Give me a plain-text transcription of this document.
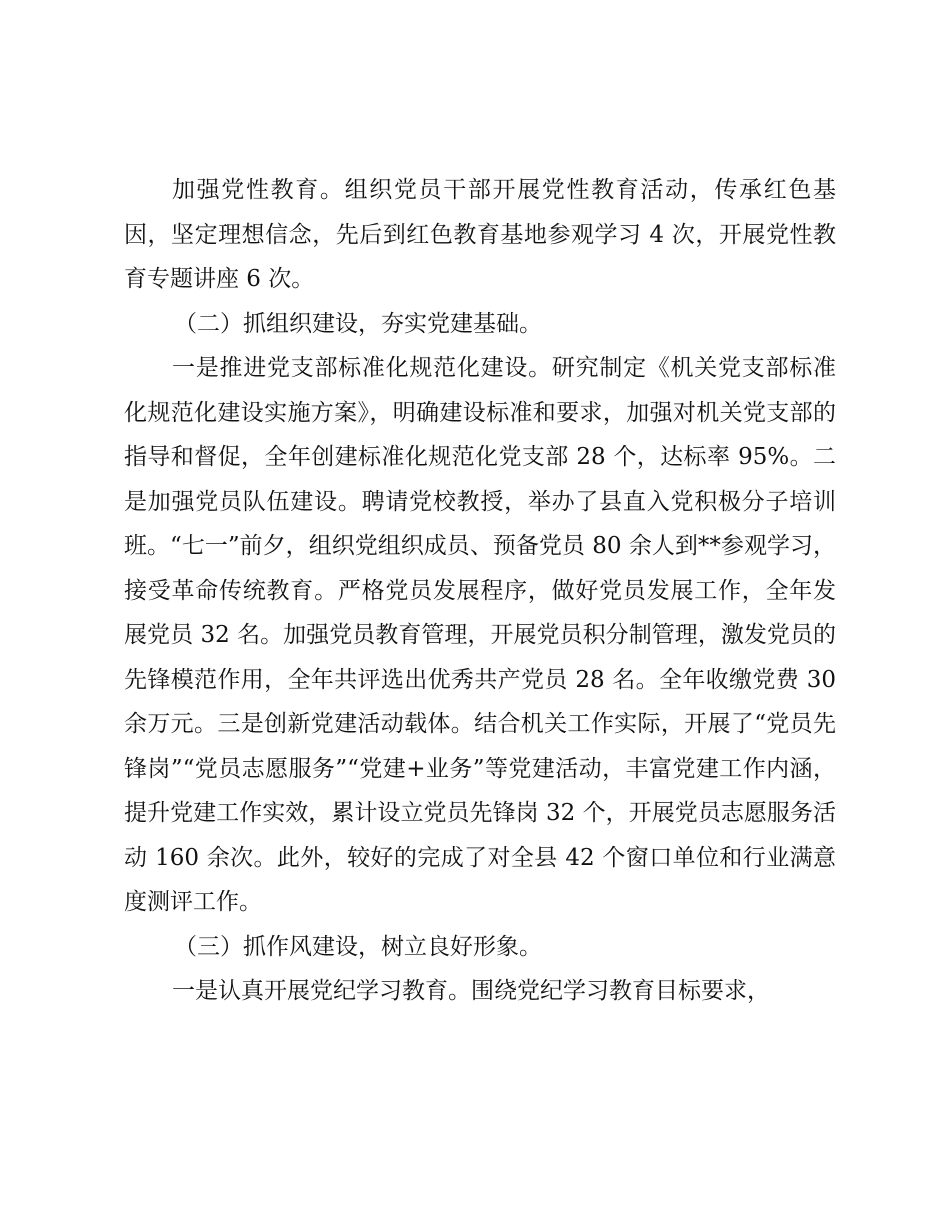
加强党性教育。组织党员干部开展党性教育活动，传承红色基因，坚定理想信念，先后到红色教育基地参观学习 4 次，开展党性教育专题讲座 6 次。

（二）抓组织建设，夯实党建基础。

一是推进党支部标准化规范化建设。研究制定《机关党支部标准化规范化建设实施方案》，明确建设标准和要求，加强对机关党支部的指导和督促，全年创建标准化规范化党支部 28 个，达标率 95%。二是加强党员队伍建设。聘请党校教授，举办了县直入党积极分子培训班。“七一”前夕，组织党组织成员、预备党员 80 余人到**参观学习，接受革命传统教育。严格党员发展程序，做好党员发展工作，全年发展党员 32 名。加强党员教育管理，开展党员积分制管理，激发党员的先锋模范作用，全年共评选出优秀共产党员 28 名。全年收缴党费 30 余万元。三是创新党建活动载体。结合机关工作实际，开展了“党员先锋岗”“党员志愿服务”“党建+业务”等党建活动，丰富党建工作内涵，提升党建工作实效，累计设立党员先锋岗 32 个，开展党员志愿服务活动 160 余次。此外，较好的完成了对全县 42 个窗口单位和行业满意度测评工作。

（三）抓作风建设，树立良好形象。

一是认真开展党纪学习教育。围绕党纪学习教育目标要求，
